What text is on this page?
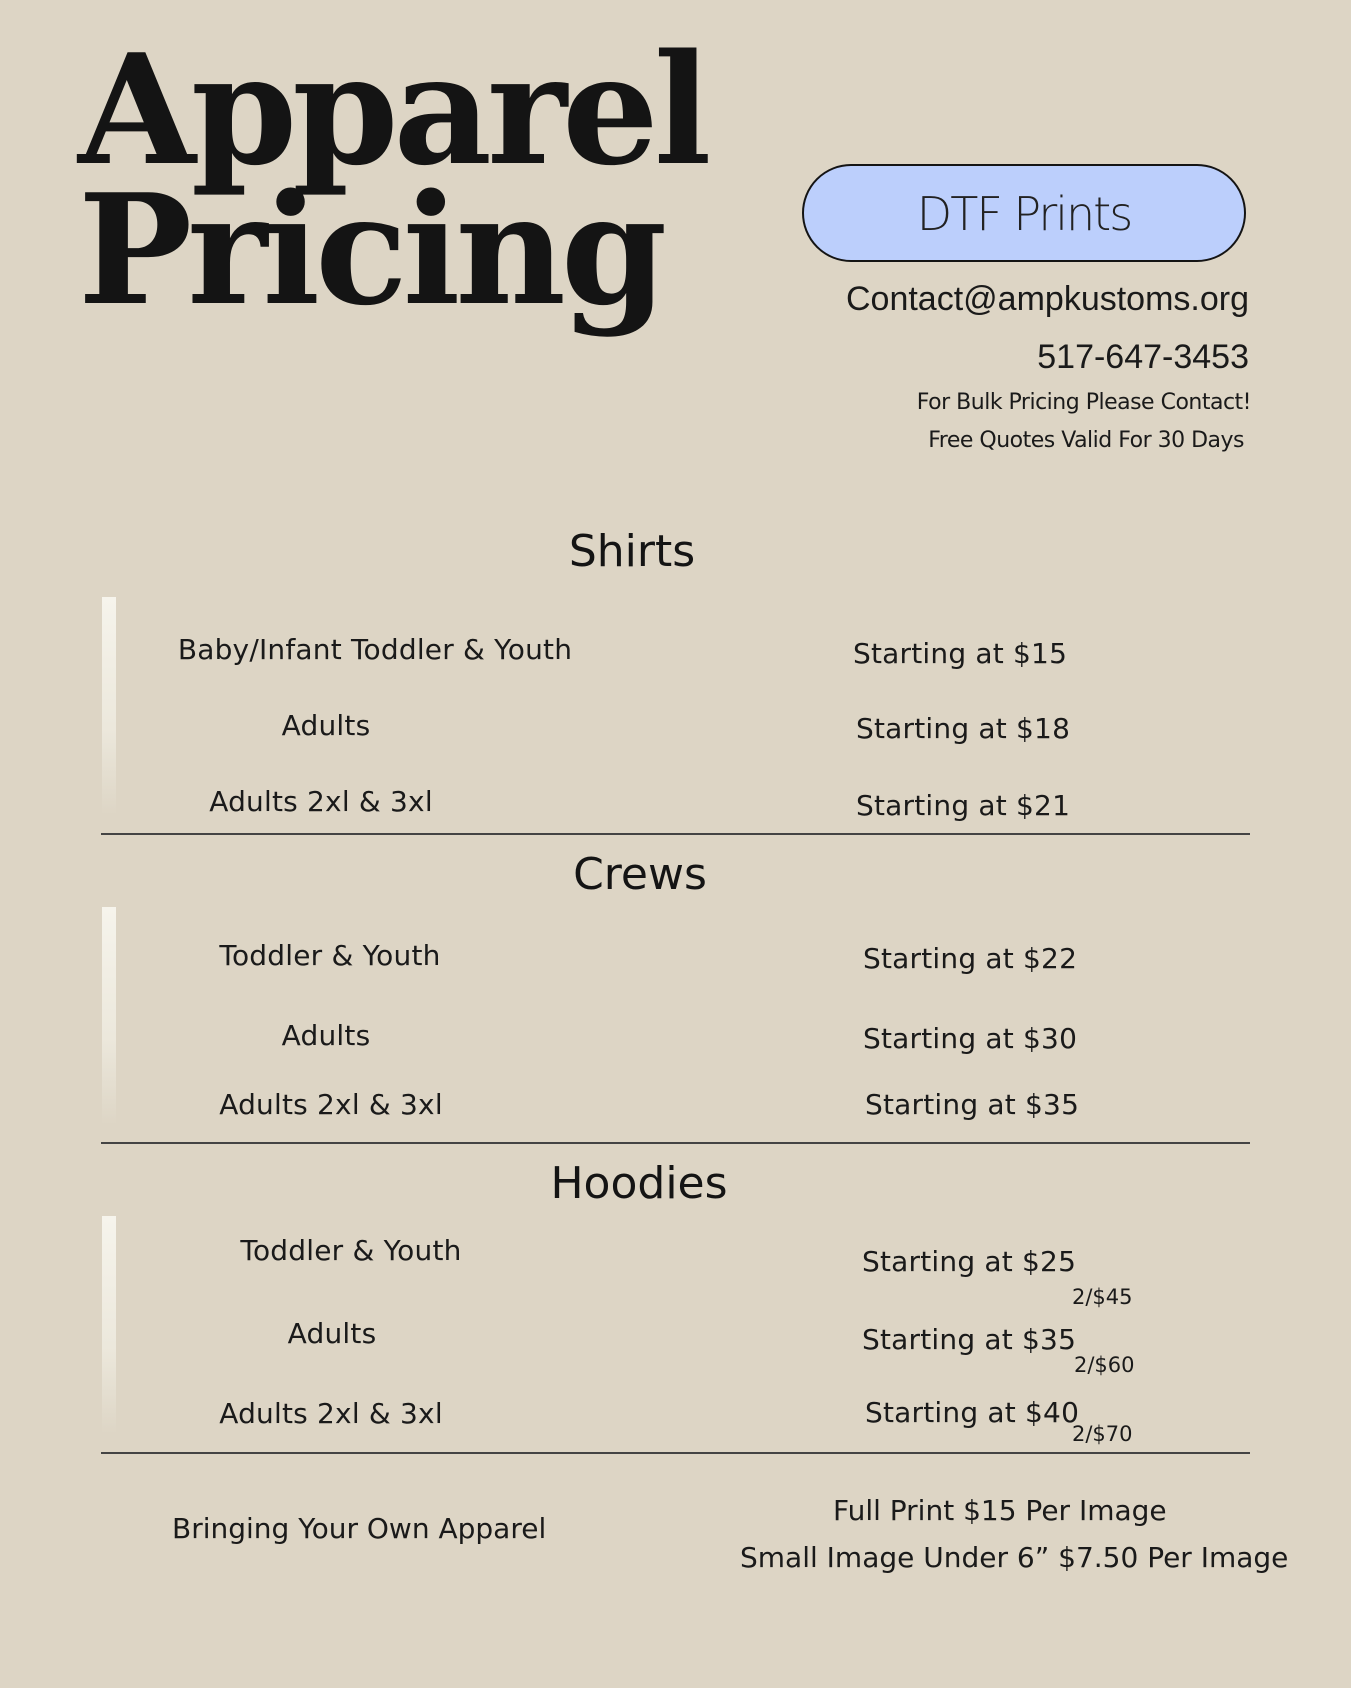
Apparel
Pricing	DTF Prints
Contact@ampkustoms.org
517-647-3453
For Bulk Pricing Please Contact!
Free Quotes Valid For 30 Days
Shirts
Baby/Infant Toddler & Youth	Starting at $15
Adults	Starting at $18
Adults 2xl & 3xl	Starting at $21
Crews
Toddler & Youth	Starting at $22
Adults	Starting at $30
Adults 2xl & 3xl	Starting at $35
Hoodies
Toddler & Youth	Starting at $25
2/$45
Adults	Starting at $35
2/$60
Adults 2xl & 3xl	Starting at $40
2/$70
Bringing Your Own Apparel
Full Print $15 Per Image
Small Image Under 6” $7.50 Per Image
